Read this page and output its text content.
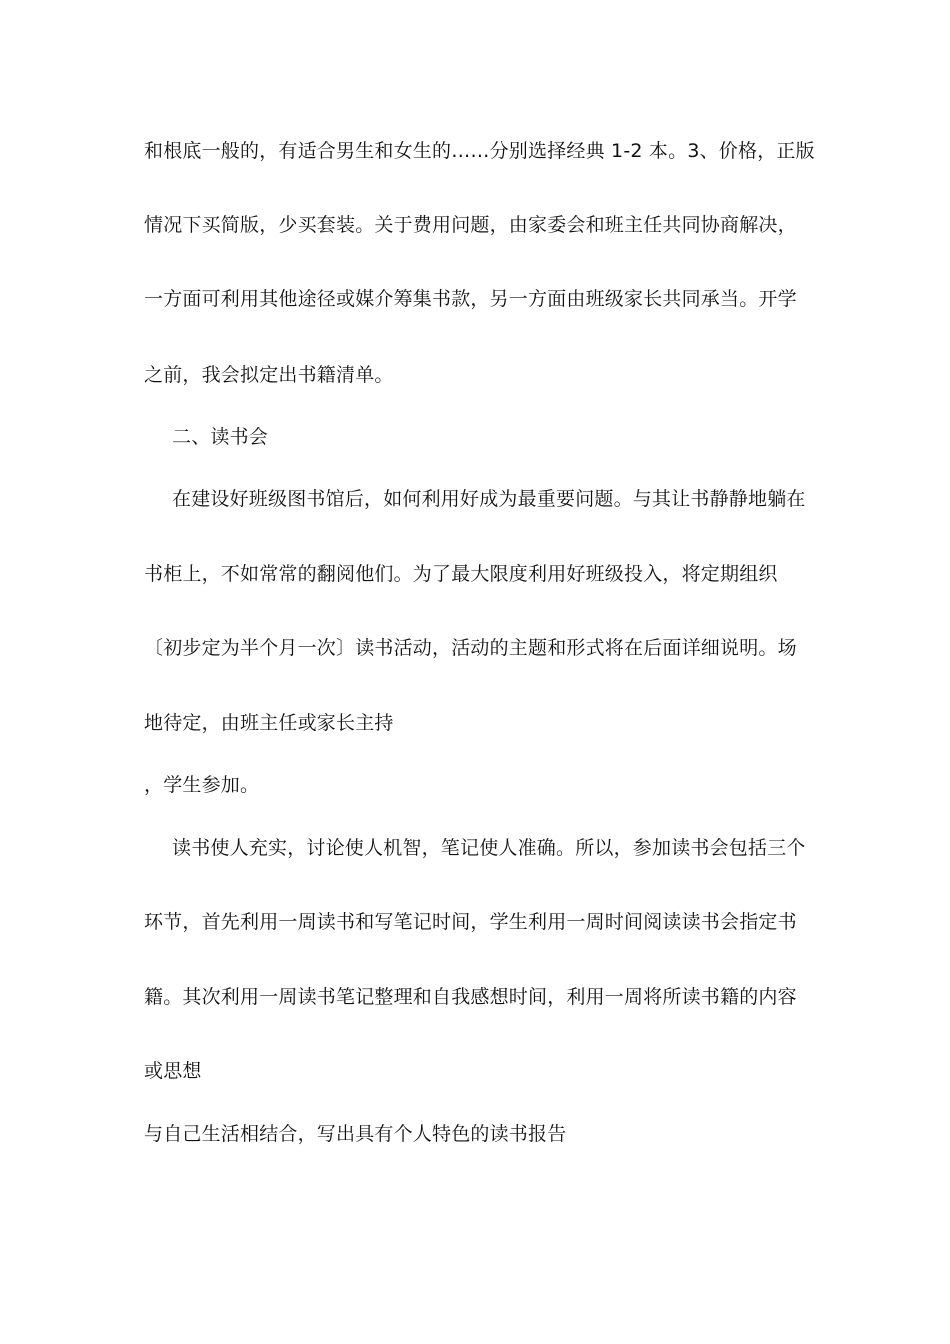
和根底一般的，有适合男生和女生的……分别选择经典 1-2 本。3、价格，正版
情况下买简版，少买套装。关于费用问题，由家委会和班主任共同协商解决，
一方面可利用其他途径或媒介筹集书款，另一方面由班级家长共同承当。开学
之前，我会拟定出书籍清单。
二、读书会
在建设好班级图书馆后，如何利用好成为最重要问题。与其让书静静地躺在
书柜上，不如常常的翻阅他们。为了最大限度利用好班级投入，将定期组织
〔初步定为半个月一次〕读书活动，活动的主题和形式将在后面详细说明。场
地待定，由班主任或家长主持
，学生参加。
读书使人充实，讨论使人机智，笔记使人准确。所以，参加读书会包括三个
环节，首先利用一周读书和写笔记时间，学生利用一周时间阅读读书会指定书
籍。其次利用一周读书笔记整理和自我感想时间，利用一周将所读书籍的内容
或思想
与自己生活相结合，写出具有个人特色的读书报告
